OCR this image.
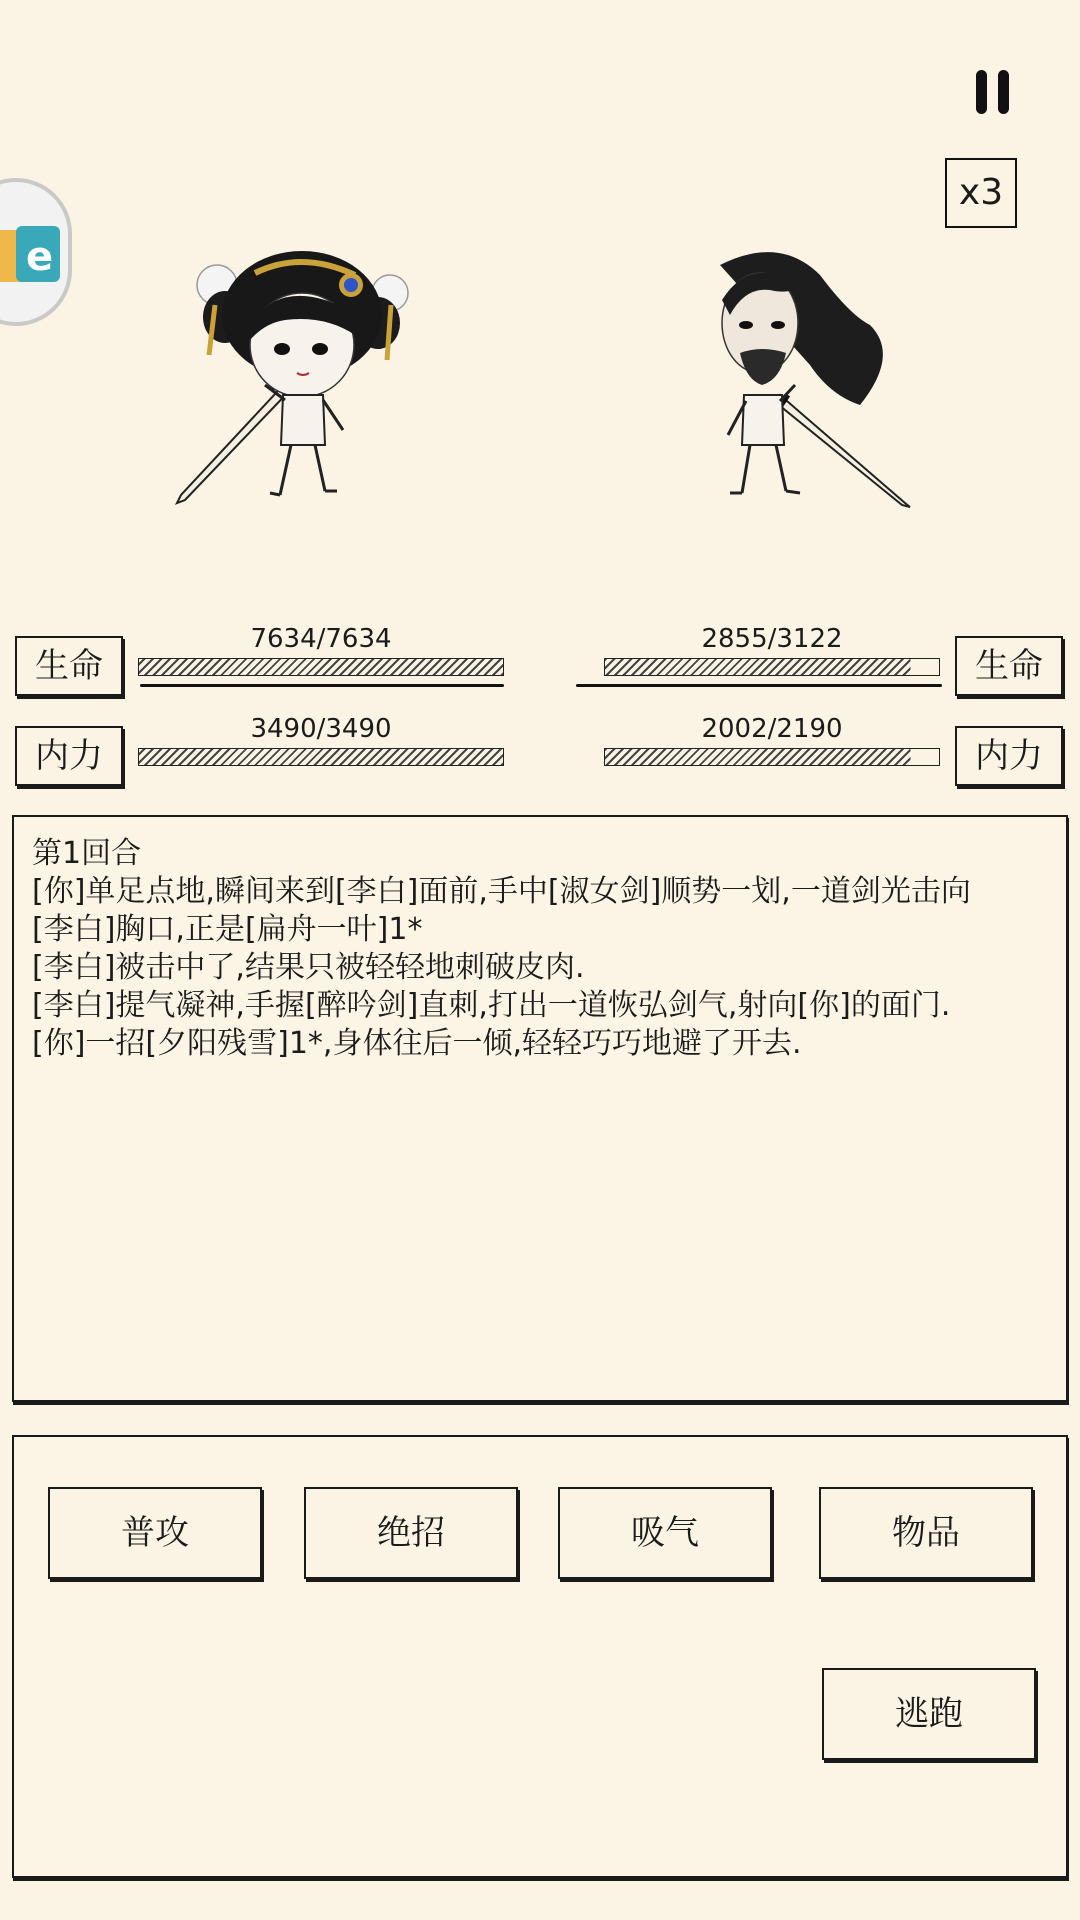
x3
e
生命
7634/7634
内力
3490/3490
2855/3122
生命
2002/2190
内力
第1回合
[你]单足点地,瞬间来到[李白]面前,手中[淑女剑]顺势一划,一道剑光击向
[李白]胸口,正是[扁舟一叶]1*
[李白]被击中了,结果只被轻轻地刺破皮肉.
[李白]提气凝神,手握[醉吟剑]直刺,打出一道恢弘剑气,射向[你]的面门.
[你]一招[夕阳残雪]1*,身体往后一倾,轻轻巧巧地避了开去.
普攻	绝招	吸气	物品
逃跑
